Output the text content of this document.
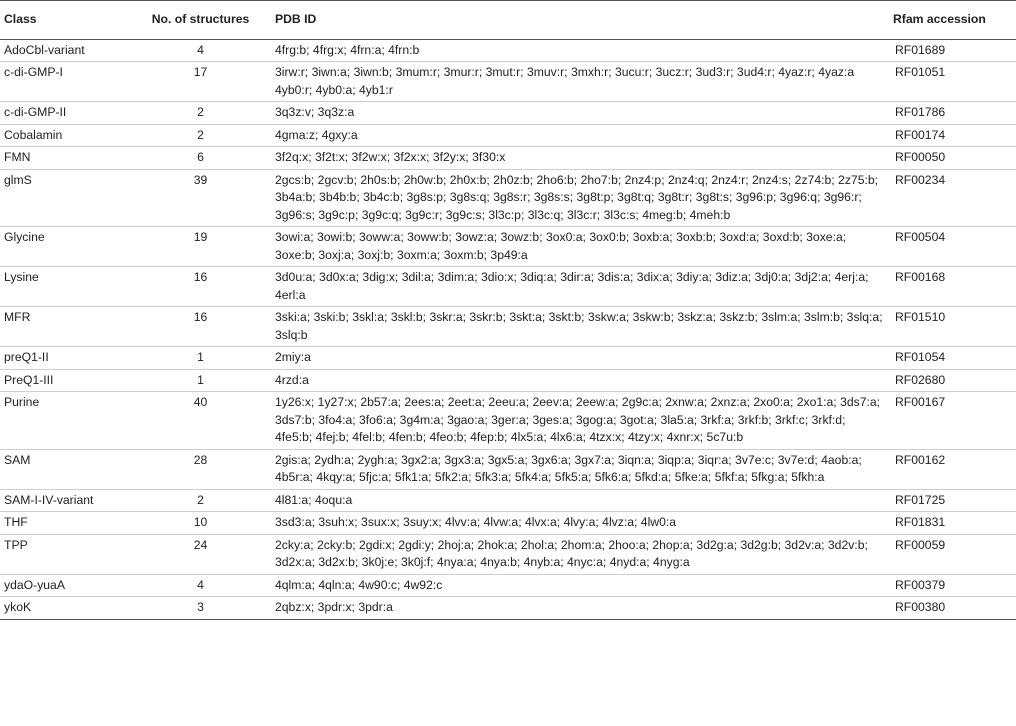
Class	No. of structures	PDB ID	Rfam accession
AdoCbl-variant	4	4frg:b; 4frg:x; 4frn:a; 4frn:b	RF01689
c-di-GMP-I	17	3irw:r; 3iwn:a; 3iwn:b; 3mum:r; 3mur:r; 3mut:r; 3muv:r; 3mxh:r; 3ucu:r; 3ucz:r; 3ud3:r; 3ud4:r; 4yaz:r; 4yaz:a 4yb0:r; 4yb0:a; 4yb1:r	RF01051
c-di-GMP-II	2	3q3z:v; 3q3z:a	RF01786
Cobalamin	2	4gma:z; 4gxy:a	RF00174
FMN	6	3f2q:x; 3f2t:x; 3f2w:x; 3f2x:x; 3f2y:x; 3f30:x	RF00050
glmS	39	2gcs:b; 2gcv:b; 2h0s:b; 2h0w:b; 2h0x:b; 2h0z:b; 2ho6:b; 2ho7:b; 2nz4:p; 2nz4:q; 2nz4:r; 2nz4:s; 2z74:b; 2z75:b; 3b4a:b; 3b4b:b; 3b4c:b; 3g8s:p; 3g8s:q; 3g8s:r; 3g8s:s; 3g8t:p; 3g8t:q; 3g8t:r; 3g8t:s; 3g96:p; 3g96:q; 3g96:r; 3g96:s; 3g9c:p; 3g9c:q; 3g9c:r; 3g9c:s; 3l3c:p; 3l3c:q; 3l3c:r; 3l3c:s; 4meg:b; 4meh:b	RF00234
Glycine	19	3owi:a; 3owi:b; 3oww:a; 3oww:b; 3owz:a; 3owz:b; 3ox0:a; 3ox0:b; 3oxb:a; 3oxb:b; 3oxd:a; 3oxd:b; 3oxe:a; 3oxe:b; 3oxj:a; 3oxj:b; 3oxm:a; 3oxm:b; 3p49:a	RF00504
Lysine	16	3d0u:a; 3d0x:a; 3dig:x; 3dil:a; 3dim:a; 3dio:x; 3diq:a; 3dir:a; 3dis:a; 3dix:a; 3diy:a; 3diz:a; 3dj0:a; 3dj2:a; 4erj:a; 4erl:a	RF00168
MFR	16	3ski:a; 3ski:b; 3skl:a; 3skl:b; 3skr:a; 3skr:b; 3skt:a; 3skt:b; 3skw:a; 3skw:b; 3skz:a; 3skz:b; 3slm:a; 3slm:b; 3slq:a; 3slq:b	RF01510
preQ1-II	1	2miy:a	RF01054
PreQ1-III	1	4rzd:a	RF02680
Purine	40	1y26:x; 1y27:x; 2b57:a; 2ees:a; 2eet:a; 2eeu:a; 2eev:a; 2eew:a; 2g9c:a; 2xnw:a; 2xnz:a; 2xo0:a; 2xo1:a; 3ds7:a; 3ds7:b; 3fo4:a; 3fo6:a; 3g4m:a; 3gao:a; 3ger:a; 3ges:a; 3gog:a; 3got:a; 3la5:a; 3rkf:a; 3rkf:b; 3rkf:c; 3rkf:d; 4fe5:b; 4fej:b; 4fel:b; 4fen:b; 4feo:b; 4fep:b; 4lx5:a; 4lx6:a; 4tzx:x; 4tzy:x; 4xnr:x; 5c7u:b	RF00167
SAM	28	2gis:a; 2ydh:a; 2ygh:a; 3gx2:a; 3gx3:a; 3gx5:a; 3gx6:a; 3gx7:a; 3iqn:a; 3iqp:a; 3iqr:a; 3v7e:c; 3v7e:d; 4aob:a; 4b5r:a; 4kqy:a; 5fjc:a; 5fk1:a; 5fk2:a; 5fk3:a; 5fk4:a; 5fk5:a; 5fk6:a; 5fkd:a; 5fke:a; 5fkf:a; 5fkg:a; 5fkh:a	RF00162
SAM-I-IV-variant	2	4l81:a; 4oqu:a	RF01725
THF	10	3sd3:a; 3suh:x; 3sux:x; 3suy:x; 4lvv:a; 4lvw:a; 4lvx:a; 4lvy:a; 4lvz:a; 4lw0:a	RF01831
TPP	24	2cky:a; 2cky:b; 2gdi:x; 2gdi:y; 2hoj:a; 2hok:a; 2hol:a; 2hom:a; 2hoo:a; 2hop:a; 3d2g:a; 3d2g:b; 3d2v:a; 3d2v:b; 3d2x:a; 3d2x:b; 3k0j:e; 3k0j:f; 4nya:a; 4nya:b; 4nyb:a; 4nyc:a; 4nyd:a; 4nyg:a	RF00059
ydaO-yuaA	4	4qlm:a; 4qln:a; 4w90:c; 4w92:c	RF00379
ykoK	3	2qbz:x; 3pdr:x; 3pdr:a	RF00380
